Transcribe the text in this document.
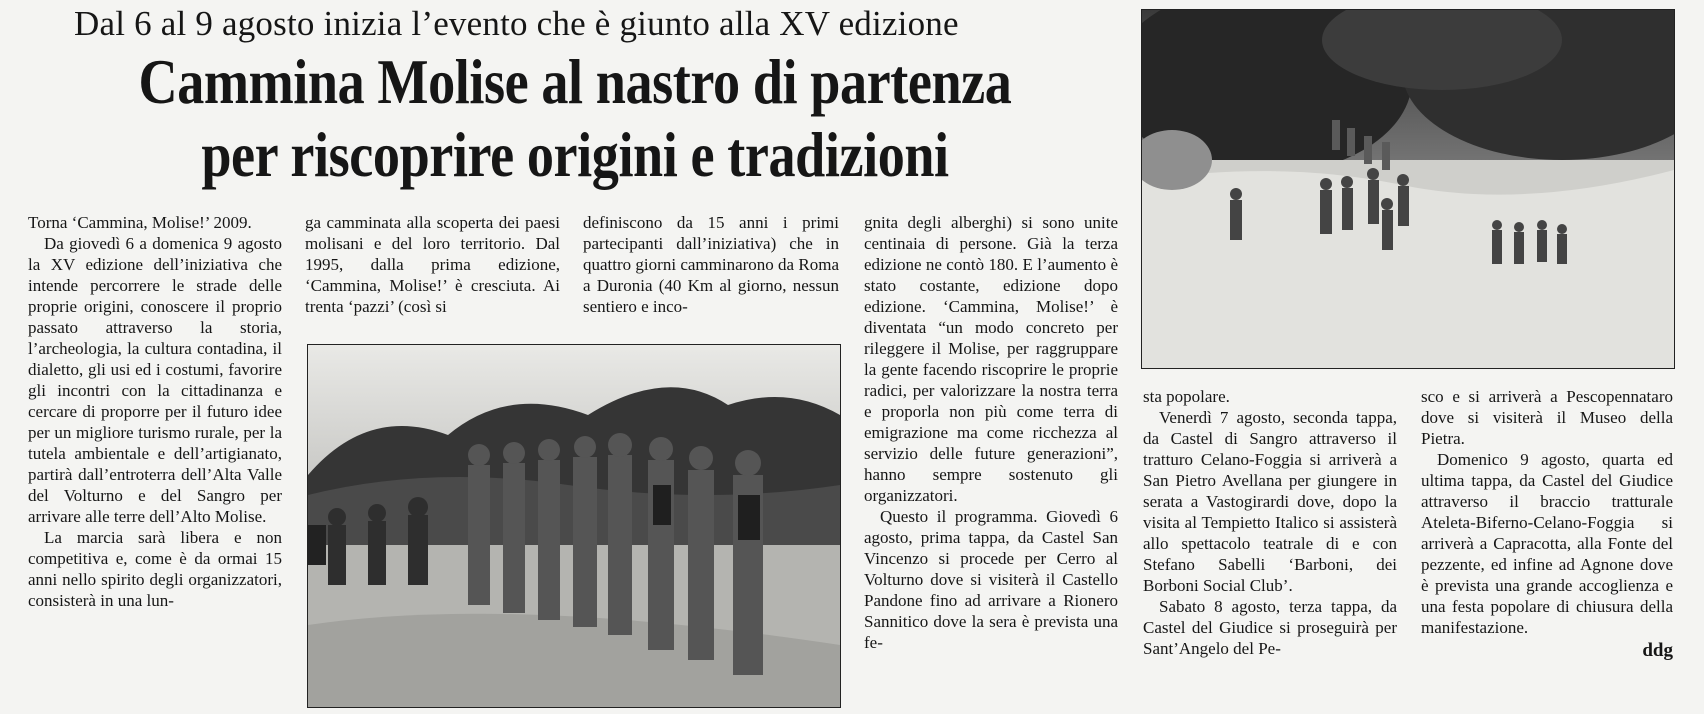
Dal 6 al 9 agosto inizia l’evento che è giunto alla XV edizione
Cammina Molise al nastro di partenza
per riscoprire origini e tradizioni

Torna ‘Cammina, Molise!’ 2009.

Da giovedì 6 a domenica 9 agosto la XV edizione dell’iniziativa che intende percorrere le strade delle proprie origini, conoscere il proprio passato attraverso la storia, l’archeologia, la cultura contadina, il dialetto, gli usi ed i costumi, favorire gli incontri con la cittadinanza e cercare di proporre per il futuro idee per un migliore turismo rurale, per la tutela ambientale e dell’artigianato, partirà dall’entroterra dell’Alta Valle del Volturno e del Sangro per arrivare alle terre dell’Alto Molise.

La marcia sarà libera e non competitiva e, come è da ormai 15 anni nello spirito degli organizzatori, consisterà in una lun-

ga camminata alla scoperta dei paesi molisani e del loro territorio. Dal 1995, dalla prima edizione, ‘Cammina, Molise!’ è cresciuta. Ai trenta ‘pazzi’ (così si

definiscono da 15 anni i primi partecipanti dall’iniziativa) che in quattro giorni camminarono da Roma a Duronia (40 Km al giorno, nessun sentiero e inco-

gnita degli alberghi) si sono unite centinaia di persone. Già la terza edizione ne contò 180. E l’aumento è stato costante, edizione dopo edizione. ‘Cammina, Molise!’ è diventata “un modo concreto per rileggere il Molise, per raggruppare la gente facendo riscoprire le proprie radici, per valorizzare la nostra terra e proporla non più come terra di emigrazione ma come ricchezza al servizio delle future generazioni”, hanno sempre sostenuto gli organizzatori.

Questo il programma. Giovedì 6 agosto, prima tappa, da Castel San Vincenzo si procede per Cerro al Volturno dove si visiterà il Castello Pandone fino ad arrivare a Rionero Sannitico dove la sera è prevista una fe-

sta popolare.

Venerdì 7 agosto, seconda tappa, da Castel di Sangro attraverso il tratturo Celano-Foggia si arriverà a San Pietro Avellana per giungere in serata a Vastogirardi dove, dopo la visita al Tempietto Italico si assisterà allo spettacolo teatrale di e con Stefano Sabelli ‘Barboni, dei Borboni Social Club’.

Sabato 8 agosto, terza tappa, da Castel del Giudice si proseguirà per Sant’Angelo del Pe-

sco e si arriverà a Pescopennataro dove si visiterà il Museo della Pietra.

Domenico 9 agosto, quarta ed ultima tappa, da Castel del Giudice attraverso il braccio tratturale Ateleta-Biferno-Celano-Foggia si arriverà a Capracotta, alla Fonte del pezzente, ed infine ad Agnone dove è prevista una grande accoglienza e una festa popolare di chiusura della manifestazione.

ddg
